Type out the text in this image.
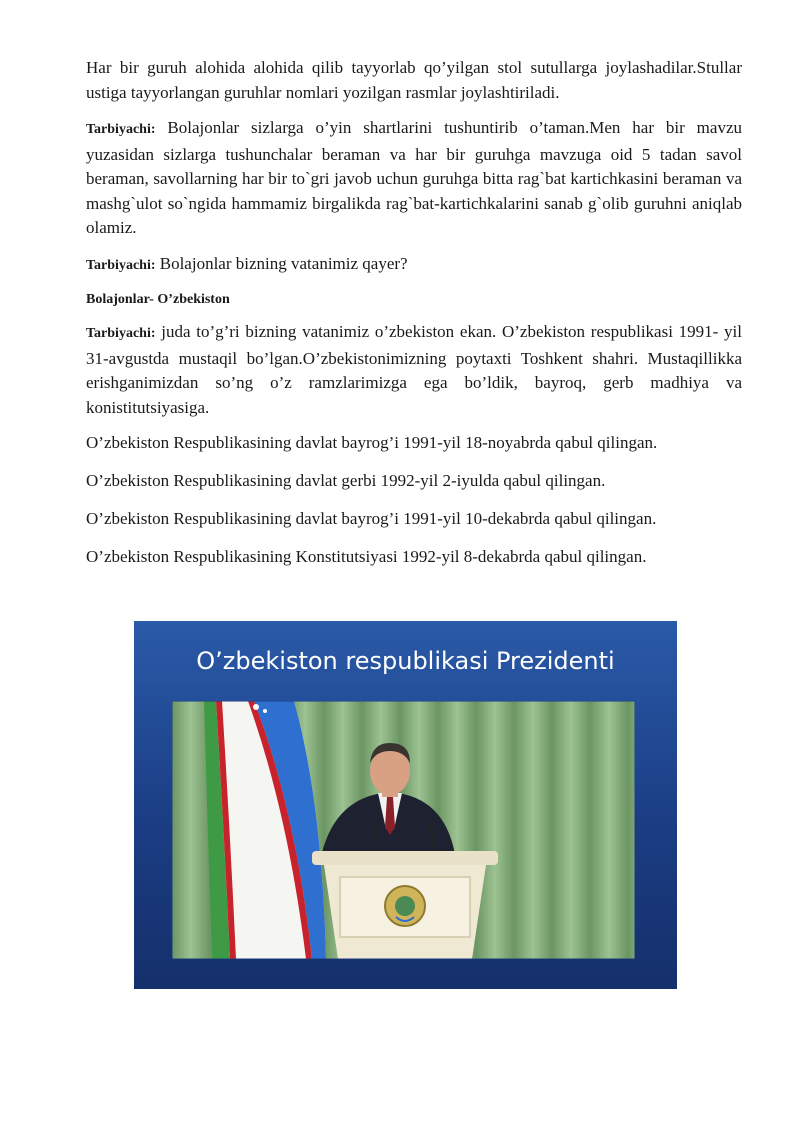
Har bir guruh alohida alohida qilib tayyorlab qo’yilgan stol sutullarga joylashadilar.Stullar ustiga tayyorlangan guruhlar nomlari yozilgan rasmlar joylashtiriladi.

Tarbiyachi: Bolajonlar sizlarga o’yin shartlarini tushuntirib o’taman.Men har bir mavzu yuzasidan sizlarga tushunchalar beraman va har bir guruhga mavzuga oid 5 tadan savol beraman, savollarning har bir to`gri javob uchun guruhga bitta rag`bat kartichkasini beraman va mashg`ulot so`ngida hammamiz birgalikda rag`bat-kartichkalarini sanab g`olib guruhni aniqlab olamiz.

Tarbiyachi: Bolajonlar bizning vatanimiz qayer?

Bolajonlar- O’zbekiston

Tarbiyachi: juda to’g’ri bizning vatanimiz o’zbekiston ekan. O’zbekiston respublikasi 1991- yil 31-avgustda mustaqil bo’lgan.O’zbekistonimizning poytaxti Toshkent shahri. Mustaqillikka erishganimizdan so’ng o’z ramzlarimizga ega bo’ldik, bayroq, gerb madhiya va konistitutsiyasiga.

O’zbekiston Respublikasining davlat bayrog’i 1991-yil 18-noyabrda qabul qilingan.

O’zbekiston Respublikasining davlat gerbi 1992-yil 2-iyulda qabul qilingan.

O’zbekiston Respublikasining davlat bayrog’i 1991-yil 10-dekabrda qabul qilingan.

O’zbekiston Respublikasining Konstitutsiyasi 1992-yil 8-dekabrda qabul qilingan.

O’zbekiston respublikasi Prezidenti
